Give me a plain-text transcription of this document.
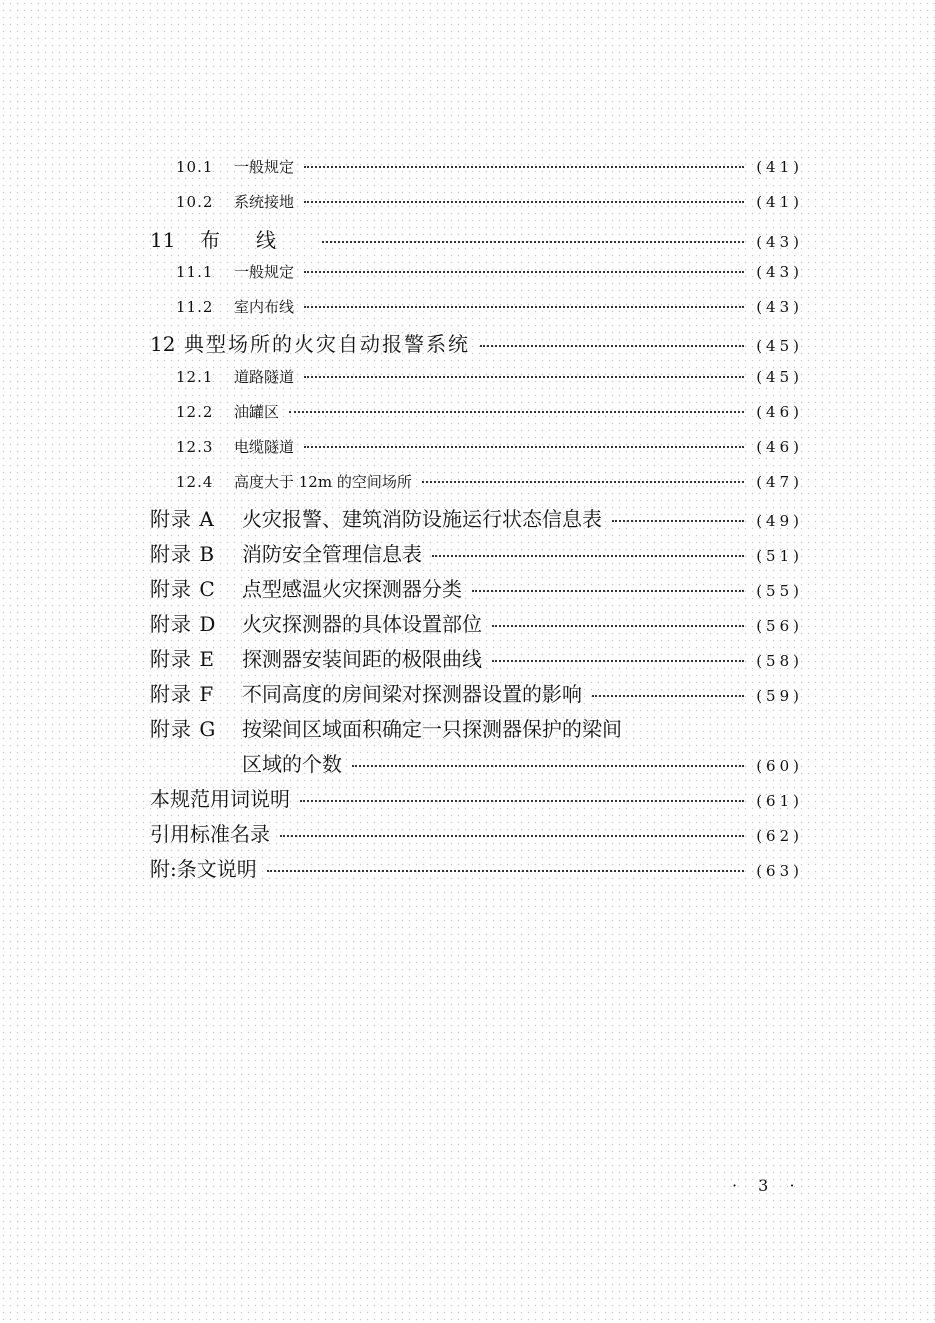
10.1	一般规定	(41)
10.2	系统接地	(41)
11	布线	(43)
11.1	一般规定	(43)
11.2	室内布线	(43)
12 典型场所的火灾自动报警系统	(45)
12.1	道路隧道	(45)
12.2	油罐区	(46)
12.3	电缆隧道	(46)
12.4	高度大于 12m 的空间场所	(47)
附录 A	火灾报警、建筑消防设施运行状态信息表	(49)
附录 B	消防安全管理信息表	(51)
附录 C	点型感温火灾探测器分类	(55)
附录 D	火灾探测器的具体设置部位	(56)
附录 E	探测器安装间距的极限曲线	(58)
附录 F	不同高度的房间梁对探测器设置的影响	(59)
附录 G	按梁间区域面积确定一只探测器保护的梁间
区域的个数	(60)
本规范用词说明	(61)
引用标准名录	(62)
附:条文说明	(63)
· 3 ·
